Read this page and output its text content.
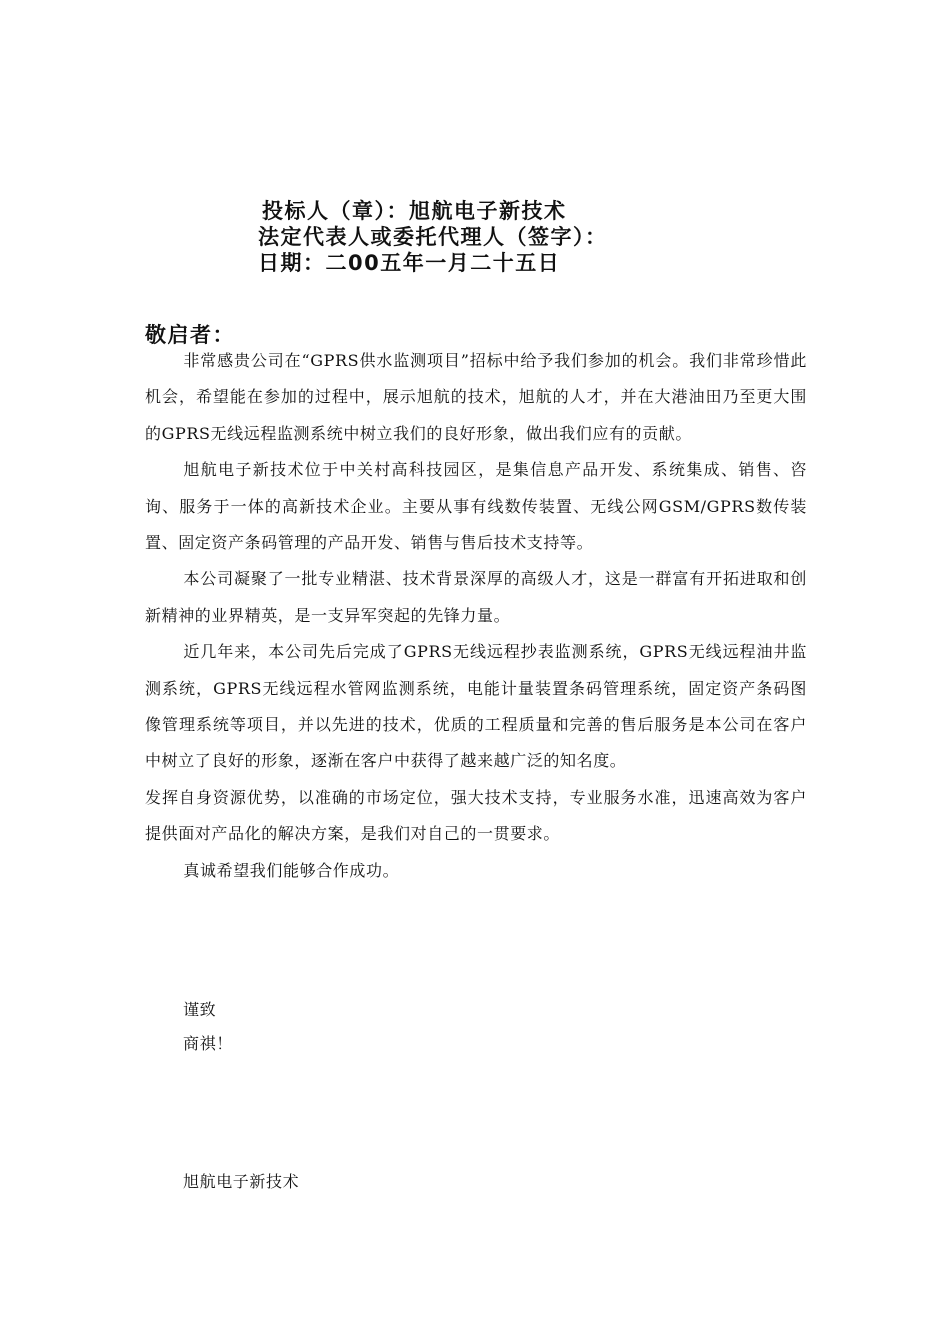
投标人（章）：旭航电子新技术
法定代表人或委托代理人（签字）：
日期：二00五年一月二十五日
敬启者：

非常感贵公司在“GPRS供水监测项目”招标中给予我们参加的机会。我们非常珍惜此机会，希望能在参加的过程中，展示旭航的技术，旭航的人才，并在大港油田乃至更大围的GPRS无线远程监测系统中树立我们的良好形象，做出我们应有的贡献。

旭航电子新技术位于中关村高科技园区，是集信息产品开发、系统集成、销售、咨询、服务于一体的高新技术企业。主要从事有线数传装置、无线公网GSM/GPRS数传装置、固定资产条码管理的产品开发、销售与售后技术支持等。

本公司凝聚了一批专业精湛、技术背景深厚的高级人才，这是一群富有开拓进取和创新精神的业界精英，是一支异军突起的先锋力量。

近几年来，本公司先后完成了GPRS无线远程抄表监测系统，GPRS无线远程油井监测系统，GPRS无线远程水管网监测系统，电能计量装置条码管理系统，固定资产条码图像管理系统等项目，并以先进的技术，优质的工程质量和完善的售后服务是本公司在客户中树立了良好的形象，逐渐在客户中获得了越来越广泛的知名度。

发挥自身资源优势，以准确的市场定位，强大技术支持，专业服务水准，迅速高效为客户提供面对产品化的解决方案，是我们对自己的一贯要求。

真诚希望我们能够合作成功。

谨致
商祺！
旭航电子新技术
